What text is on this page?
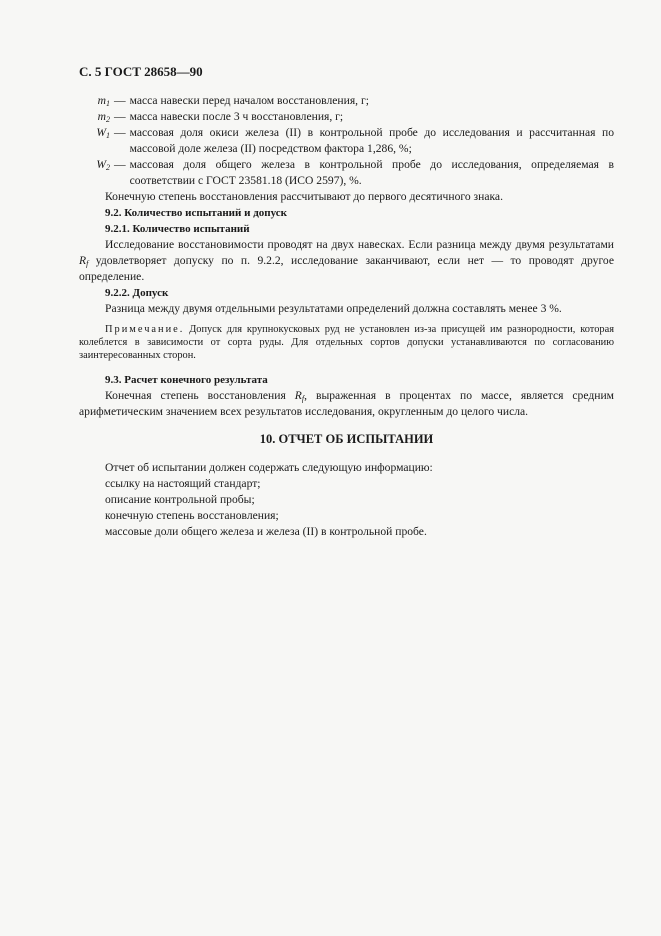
С. 5 ГОСТ 28658—90
$m_1$ — масса навески перед началом восстановления, г;
$m_2$ — масса навески после 3 ч восстановления, г;
$W_1$ — массовая доля окиси железа (II) в контрольной пробе до исследования и рассчитанная по массовой доле железа (II) посредством фактора 1,286, %;
$W_2$ — массовая доля общего железа в контрольной пробе до исследования, определяемая в соответствии с ГОСТ 23581.18 (ИСО 2597), %.

Конечную степень восстановления рассчитывают до первого десятичного знака.

9.2. Количество испытаний и допуск
9.2.1. Количество испытаний

Исследование восстановимости проводят на двух навесках. Если разница между двумя результатами $R_f$ удовлетворяет допуску по п. 9.2.2, исследование заканчивают, если нет — то проводят другое определение.

9.2.2. Допуск

Разница между двумя отдельными результатами определений должна составлять менее 3 %.

Примечание. Допуск для крупнокусковых руд не установлен из-за присущей им разнородности, которая колеблется в зависимости от сорта руды. Для отдельных сортов допуски устанавливаются по согласованию заинтересованных сторон.

9.3. Расчет конечного результата

Конечная степень восстановления $R_f$, выраженная в процентах по массе, является средним арифметическим значением всех результатов исследования, округленным до целого числа.

10. ОТЧЕТ ОБ ИСПЫТАНИИ

Отчет об испытании должен содержать следующую информацию:

ссылку на настоящий стандарт;

описание контрольной пробы;

конечную степень восстановления;

массовые доли общего железа и железа (II) в контрольной пробе.
